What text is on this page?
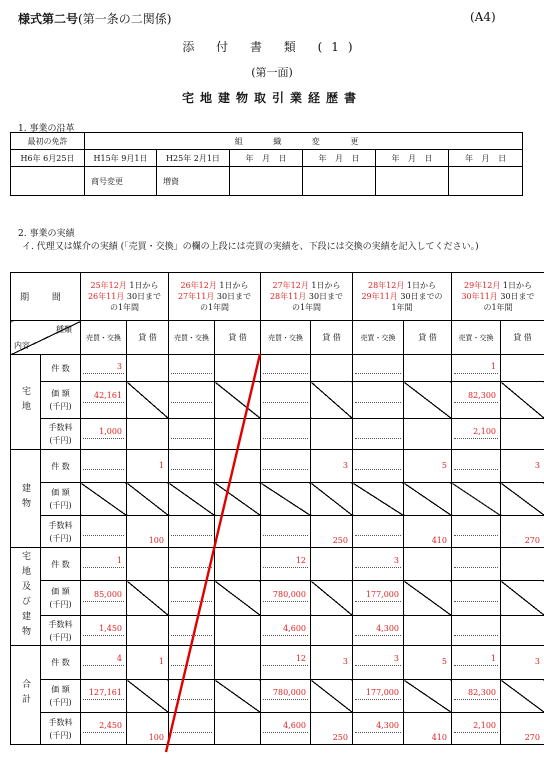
様式第二号(第一条の二関係)	(A4)
添 付 書 類 (1)
(第一面)
宅地建物取引業経歴書
1. 事業の沿革
最初の免許	組 織 変 更					
H6年 6月25日	H15年 9月1日	H25年 2月1日	年 月 日	年 月 日	年 月 日	年 月 日
	商号変更	増資				
2. 事業の実績
イ. 代理又は媒介の実績 (「売買・交換」の欄の上段には売買の実績を、下段には交換の実績を記入してください。)
期 間		25年12月 1日から
26年11月 30日まで
の1年間		26年12月 1日から
27年11月 30日まで
の1年間		27年12月 1日から
28年11月 30日まで
の1年間		28年12月 1日から
29年11月 30日までの
1年間		29年12月 1日から
30年11月 30日まで
の1年間	

種類
内容		売買・交換	貸 借	売買・交換	貸 借	売買・交換	貸 借	売買・交換	貸 借	売買・交換	貸 借
宅地	件 数	3								1	

	価 額
(千円)	42,161								82,300	

	手数料
(千円)	1,000								2,100	

建物	件 数		1				3		5		3
	価 額
(千円)										
	手数料
(千円)		100				250		410		270
宅地及び建物	件 数	1				12		3			

	価 額
(千円)	85,000				780,000		177,000			

	手数料
(千円)	1,450				4,600		4,300			

合計	件 数	4	1			12	3	3	5	1	3
	価 額
(千円)	127,161				780,000		177,000		82,300	

	手数料
(千円)	2,450	100			4,600	250	4,300	410	2,100	270
